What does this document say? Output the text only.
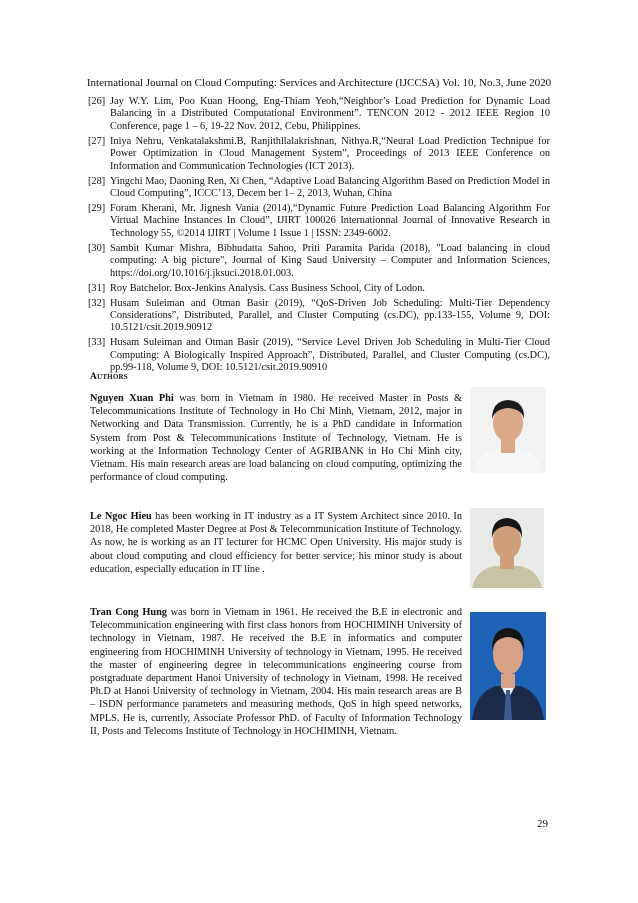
International Journal on Cloud Computing: Services and Architecture (IJCCSA) Vol. 10, No.3, June 2020
[26] Jay W.Y. Lim, Poo Kuan Hoong, Eng-Thiam Yeoh,“Neighbor’s Load Prediction for Dynamic Load Balancing in a Distributed Computational Environment”. TENCON 2012 - 2012 IEEE Region 10 Conference, page 1 – 6, 19-22 Nov. 2012, Cebu, Philippines.
[27] Iniya Nehru, Venkatalakshmi.B, Ranjithllalakrishnan, Nithya.R,“Neural Load Prediction Technipue for Power Optimization in Cloud Management System”, Proceedings of 2013 IEEE Conference on Information and Communication Technologies (ICT 2013).
[28] Yingchi Mao, Daoning Ren, Xi Chen, “Adaptive Load Balancing Algorithm Based on Prediction Model in Cloud Computing”, ICCC’13, Decem ber 1– 2, 2013, Wuhan, China
[29] Foram Kherani, Mr. Jignesh Vania (2014),“Dynamic Future Prediction Load Balancing Algorithm For Virtual Machine Instances In Cloud”, IJIRT 100026 Internationnal Journal of Innovative Research in Technology 55, ©2014 IJIRT | Volume 1 Issue 1 | ISSN: 2349-6002.
[30] Sambit Kumar Mishra, Bibhudatta Sahoo, Priti Paramita Parida (2018), "Load balancing in cloud computing: A big picture", Journal of King Saud University – Computer and Information Sciences, https://doi.org/10.1016/j.jksuci.2018.01.003.
[31] Roy Batchelor. Box-Jenkins Analysis. Cass Business School, City of Lodon.
[32] Husam Suleiman and Otman Basir (2019), “QoS-Driven Job Scheduling: Multi-Tier Dependency Considerations”, Distributed, Parallel, and Cluster Computing (cs.DC), pp.133-155, Volume 9, DOI: 10.5121/csit.2019.90912
[33] Husam Suleiman and Otman Basir (2019), “Service Level Driven Job Scheduling in Multi-Tier Cloud Computing: A Biologically Inspired Approach”, Distributed, Parallel, and Cluster Computing (cs.DC), pp.99-118, Volume 9, DOI: 10.5121/csit.2019.90910
Authors
Nguyen Xuan Phi was born in Vietnam in 1980. He received Master in Posts & Telecommunications Institute of Technology in Ho Chi Minh, Vietnam, 2012, major in Networking and Data Transmission. Currently, he is a PhD candidate in Information System from Post & Telecommunications Institute of Technology, Vietnam. He is working at the Information Technology Center of AGRIBANK in Ho Chi Minh city, Vietnam. His main research areas are load balancing on cloud computing, optimizing the performance of cloud computing.
Le Ngoc Hieu has been working in IT industry as a IT System Architect since 2010. In 2018, He completed Master Degree at Post & Telecommunication Institute of Technology. As now, he is working as an IT lecturer for HCMC Open University. His major study is about cloud computing and cloud efficiency for better service; his minor study is about education, especially education in IT line .
Tran Cong Hung was born in Vietnam in 1961. He received the B.E in electronic and Telecommunication engineering with first class honors from HOCHIMINH University of technology in Vietnam, 1987. He received the B.E in informatics and computer engineering from HOCHIMINH University of technology in Vietnam, 1995. He received the master of engineering degree in telecommunications engineering course from postgraduate department Hanoi University of technology in Vietnam, 1998. He received Ph.D at Hanoi University of technology in Vietnam, 2004. His main research areas are B – ISDN performance parameters and measuring methods, QoS in high speed networks, MPLS. He is, currently, Associate Professor PhD. of Faculty of Information Technology II, Posts and Telecoms Institute of Technology in HOCHIMINH, Vietnam.
29
